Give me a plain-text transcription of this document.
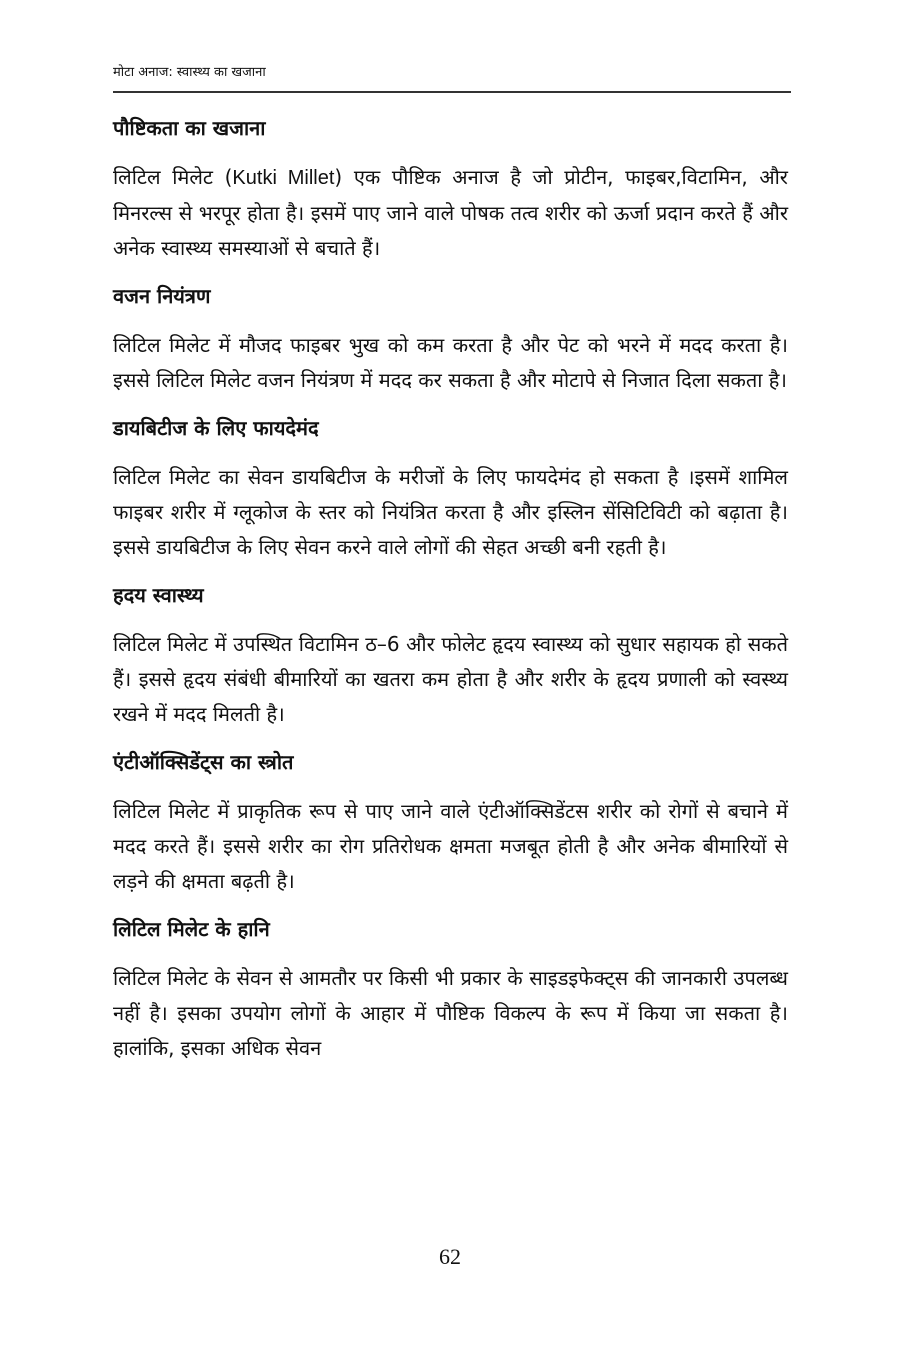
मोटा अनाज: स्वास्थ्य का खजाना
पौष्टिकता का खजाना

लिटिल मिलेट (Kutki Millet) एक पौष्टिक अनाज है जो प्रोटीन, फाइबर,विटामिन, और मिनरल्स से भरपूर होता है। इसमें पाए जाने वाले पोषक तत्व शरीर को ऊर्जा प्रदान करते हैं और अनेक स्वास्थ्य समस्याओं से बचाते हैं।

वजन नियंत्रण

लिटिल मिलेट में मौजद फाइबर भुख को कम करता है और पेट को भरने में मदद करता है। इससे लिटिल मिलेट वजन नियंत्रण में मदद कर सकता है और मोटापे से निजात दिला सकता है।

डायबिटीज के लिए फायदेमंद

लिटिल मिलेट का सेवन डायबिटीज के मरीजों के लिए फायदेमंद हो सकता है ।इसमें शामिल फाइबर शरीर में ग्लूकोज के स्तर को नियंत्रित करता है और इस्लिन सेंसिटिविटी को बढ़ाता है। इससे डायबिटीज के लिए सेवन करने वाले लोगों की सेहत अच्छी बनी रहती है।

हदय स्वास्थ्य

लिटिल मिलेट में उपस्थित विटामिन ठ–6 और फोलेट हृदय स्वास्थ्य को सुधार सहायक हो सकते हैं। इससे हृदय संबंधी बीमारियों का खतरा कम होता है और शरीर के हृदय प्रणाली को स्वस्थ्य रखने में मदद मिलती है।

एंटीऑक्सिडेंट्स का स्त्रोत

लिटिल मिलेट में प्राकृतिक रूप से पाए जाने वाले एंटीऑक्सिडेंटस शरीर को रोगों से बचाने में मदद करते हैं। इससे शरीर का रोग प्रतिरोधक क्षमता मजबूत होती है और अनेक बीमारियों से लड़ने की क्षमता बढ़ती है।

लिटिल मिलेट के हानि

लिटिल मिलेट के सेवन से आमतौर पर किसी भी प्रकार के साइडइफेक्ट्स की जानकारी उपलब्ध नहीं है। इसका उपयोग लोगों के आहार में पौष्टिक विकल्प के रूप में किया जा सकता है। हालांकि, इसका अधिक सेवन

62
